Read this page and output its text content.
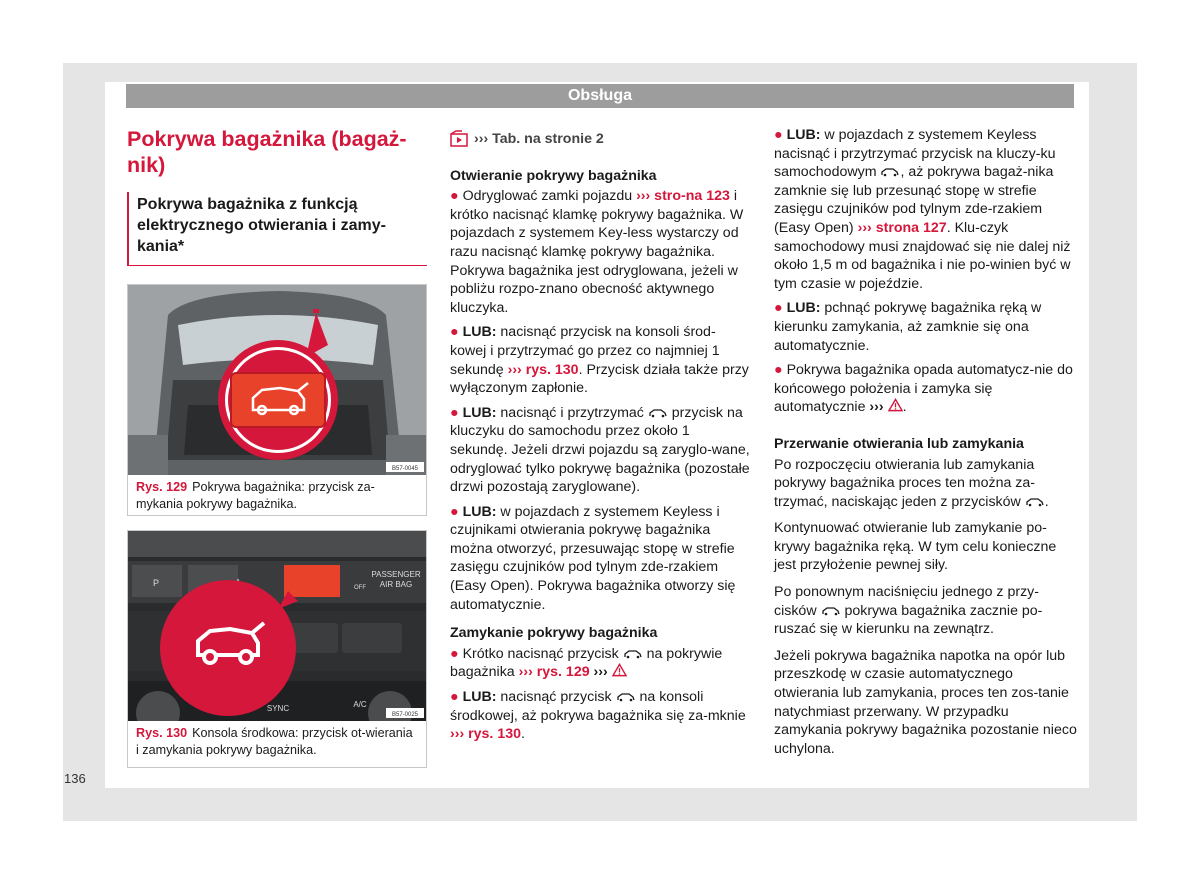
Obsługa
136
Pokrywa bagażnika (bagaż-nik)
Pokrywa bagażnika z funkcją elektrycznego otwierania i zamy-kania*
B57-0045
Rys. 129 Pokrywa bagażnika: przycisk za-mykania pokrywy bagażnika.
P
PASSENGER
AIR BAG
OFF
SYNC	A/C
B57-0025
Rys. 130 Konsola środkowa: przycisk ot-wierania i zamykania pokrywy bagażnika.
››› Tab. na stronie 2
Otwieranie pokrywy bagażnika
● Odryglować zamki pojazdu ››› stro-na 123 i krótko nacisnąć klamkę pokrywy bagażnika. W pojazdach z systemem Key-less wystarczy od razu nacisnąć klamkę pokrywy bagażnika. Pokrywa bagażnika jest odryglowana, jeżeli w pobliżu rozpo-znano obecność aktywnego kluczyka.
● LUB: nacisnąć przycisk na konsoli środ-kowej i przytrzymać go przez co najmniej 1 sekundę ››› rys. 130. Przycisk działa także przy wyłączonym zapłonie.
● LUB: nacisnąć i przytrzymać  przycisk na kluczyku do samochodu przez około 1 sekundę. Jeżeli drzwi pojazdu są zaryglo-wane, odryglować tylko pokrywę bagażnika (pozostałe drzwi pozostają zaryglowane).
● LUB: w pojazdach z systemem Keyless i czujnikami otwierania pokrywę bagażnika można otworzyć, przesuwając stopę w strefie zasięgu czujników pod tylnym zde-rzakiem (Easy Open). Pokrywa bagażnika otworzy się automatycznie.
Zamykanie pokrywy bagażnika
● Krótko nacisnąć przycisk  na pokrywie bagażnika ››› rys. 129 ›››
● LUB: nacisnąć przycisk  na konsoli środkowej, aż pokrywa bagażnika się za-mknie ››› rys. 130.
● LUB: w pojazdach z systemem Keyless nacisnąć i przytrzymać przycisk na kluczy-ku samochodowym , aż pokrywa bagaż-nika zamknie się lub przesunąć stopę w strefie zasięgu czujników pod tylnym zde-rzakiem (Easy Open) ››› strona 127. Klu-czyk samochodowy musi znajdować się nie dalej niż około 1,5 m od bagażnika i nie po-winien być w tym czasie w pojeździe.
● LUB: pchnąć pokrywę bagażnika ręką w kierunku zamykania, aż zamknie się ona automatycznie.
● Pokrywa bagażnika opada automatycz-nie do końcowego położenia i zamyka się automatycznie ››› .
Przerwanie otwierania lub zamykania
Po rozpoczęciu otwierania lub zamykania pokrywy bagażnika proces ten można za-trzymać, naciskając jeden z przycisków .
Kontynuować otwieranie lub zamykanie po-krywy bagażnika ręką. W tym celu konieczne jest przyłożenie pewnej siły.
Po ponownym naciśnięciu jednego z przy-cisków  pokrywa bagażnika zacznie po-ruszać się w kierunku na zewnątrz.
Jeżeli pokrywa bagażnika napotka na opór lub przeszkodę w czasie automatycznego otwierania lub zamykania, proces ten zos-tanie natychmiast przerwany. W przypadku zamykania pokrywy bagażnika pozostanie nieco uchylona.
